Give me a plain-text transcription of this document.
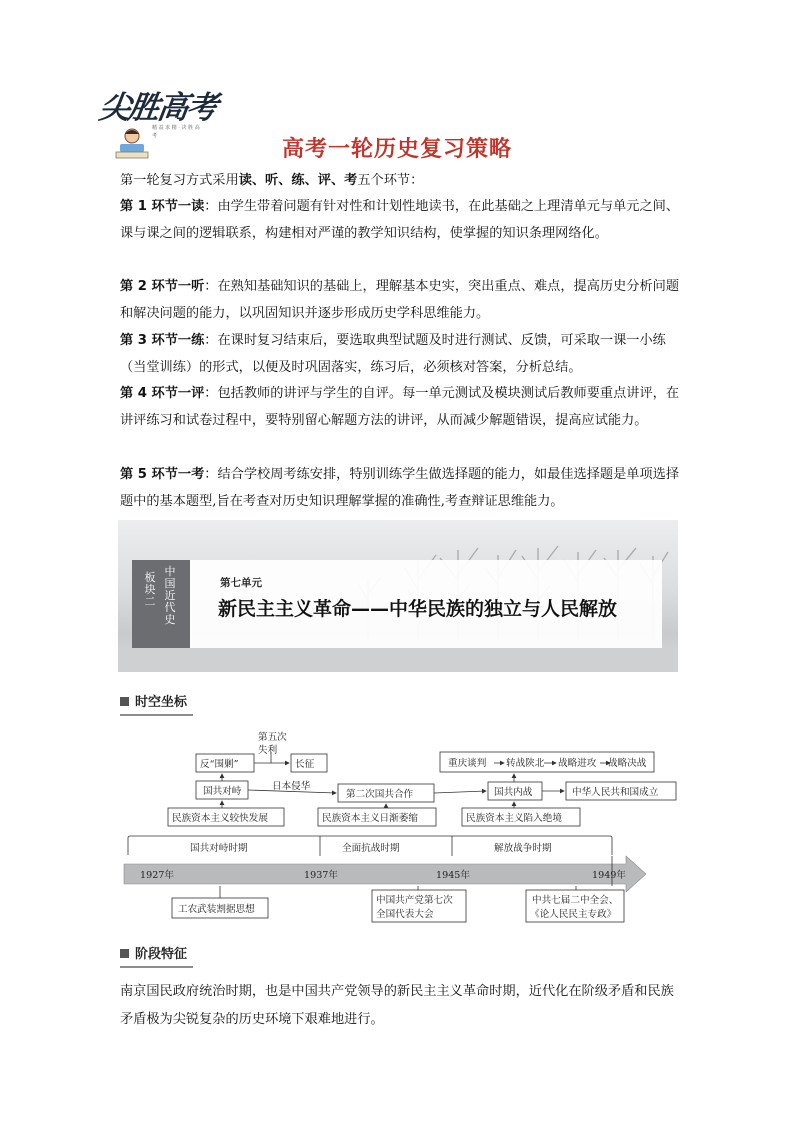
尖胜高考
精 益 求 精 · 决 胜 高 考
高考一轮历史复习策略
第一轮复习方式采用读、听、练、评、考五个环节：
第 1 环节一读：由学生带着问题有针对性和计划性地读书，在此基础之上理清单元与单元之间、课与课之间的逻辑联系，构建相对严谨的教学知识结构，使掌握的知识条理网络化。
第 2 环节一听：在熟知基础知识的基础上，理解基本史实，突出重点、难点，提高历史分析问题和解决问题的能力，以巩固知识并逐步形成历史学科思维能力。
第 3 环节一练：在课时复习结束后，要选取典型试题及时进行测试、反馈，可采取一课一小练（当堂训练）的形式，以便及时巩固落实，练习后，必须核对答案，分析总结。
第 4 环节一评：包括教师的讲评与学生的自评。每一单元测试及模块测试后教师要重点讲评，在讲评练习和试卷过程中，要特别留心解题方法的讲评，从而减少解题错误，提高应试能力。
第 5 环节一考：结合学校周考练安排，特别训练学生做选择题的能力，如最佳选择题是单项选择题中的基本题型,旨在考查对历史知识理解掌握的准确性,考查辩证思维能力。
板块二
中国近代史
第七单元
新民主主义革命——中华民族的独立与人民解放
时空坐标
第五次失利
反“围剿”	长征
国共对峙	日本侵华
第二次国共合作	国共内战	中华人民共和国成立
重庆谈判 转战陕北 战略进攻 战略决战
民族资本主义较快发展	民族资本主义日渐萎缩	民族资本主义陷入绝境
国共对峙时期	全面抗战时期	解放战争时期
1927年	1937年	1945年	1949年
工农武装割据思想
中国共产党第七次
全国代表大会
中共七届二中全会、
《论人民民主专政》
阶段特征
南京国民政府统治时期，也是中国共产党领导的新民主主义革命时期，近代化在阶级矛盾和民族矛盾极为尖锐复杂的历史环境下艰难地进行。
